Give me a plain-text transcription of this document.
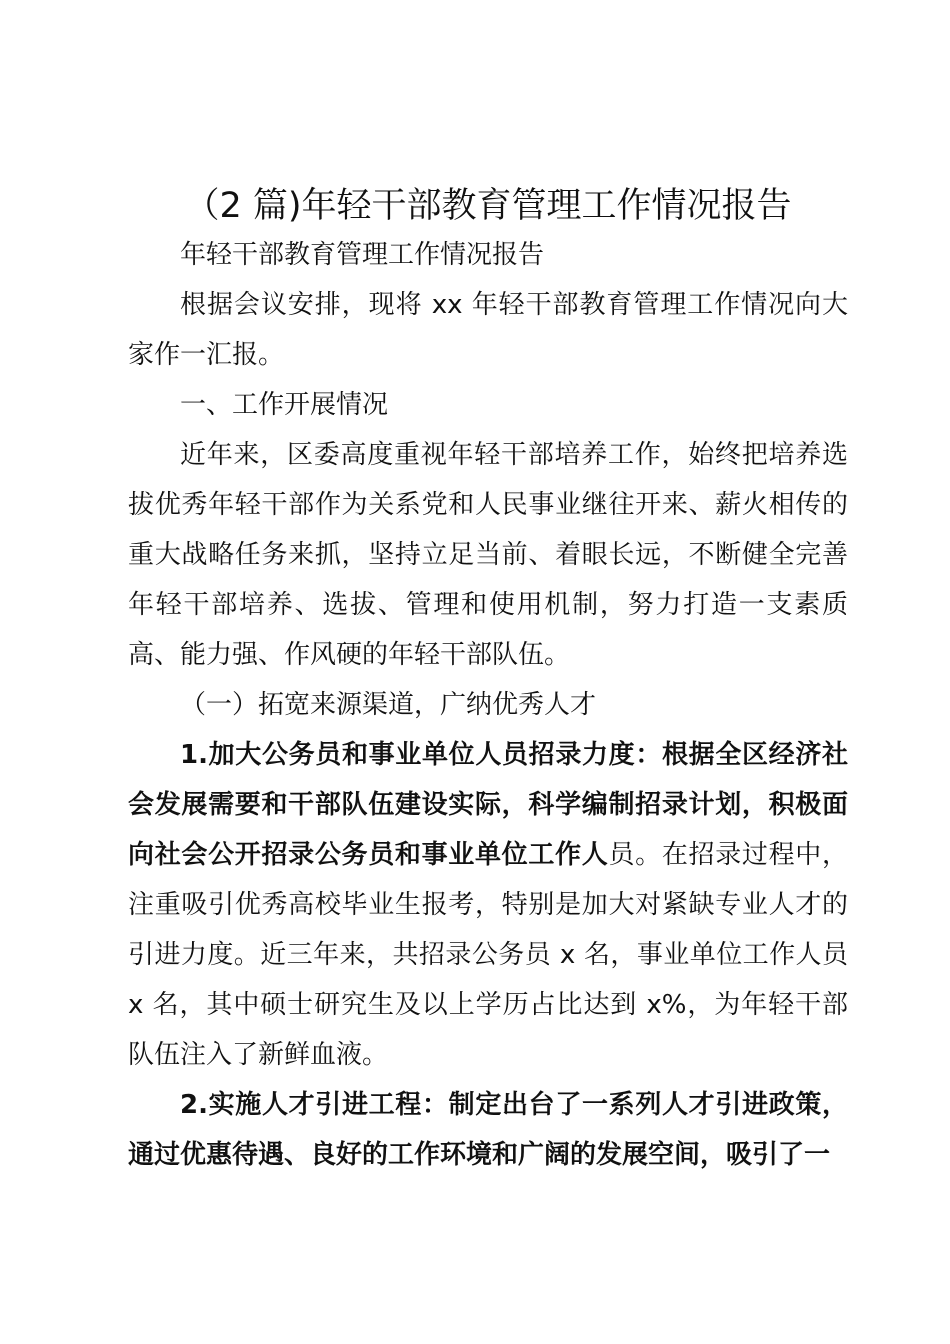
（2 篇)年轻干部教育管理工作情况报告

年轻干部教育管理工作情况报告

根据会议安排，现将 xx 年轻干部教育管理工作情况向大家作一汇报。

一、工作开展情况

近年来，区委高度重视年轻干部培养工作，始终把培养选拔优秀年轻干部作为关系党和人民事业继往开来、薪火相传的重大战略任务来抓，坚持立足当前、着眼长远，不断健全完善年轻干部培养、选拔、管理和使用机制，努力打造一支素质高、能力强、作风硬的年轻干部队伍。

（一）拓宽来源渠道，广纳优秀人才

1.加大公务员和事业单位人员招录力度：根据全区经济社会发展需要和干部队伍建设实际，科学编制招录计划，积极面向社会公开招录公务员和事业单位工作人员。在招录过程中，注重吸引优秀高校毕业生报考，特别是加大对紧缺专业人才的引进力度。近三年来，共招录公务员 x 名，事业单位工作人员 x 名，其中硕士研究生及以上学历占比达到 x%，为年轻干部队伍注入了新鲜血液。

2.实施人才引进工程：制定出台了一系列人才引进政策，通过优惠待遇、良好的工作环境和广阔的发展空间，吸引了一
